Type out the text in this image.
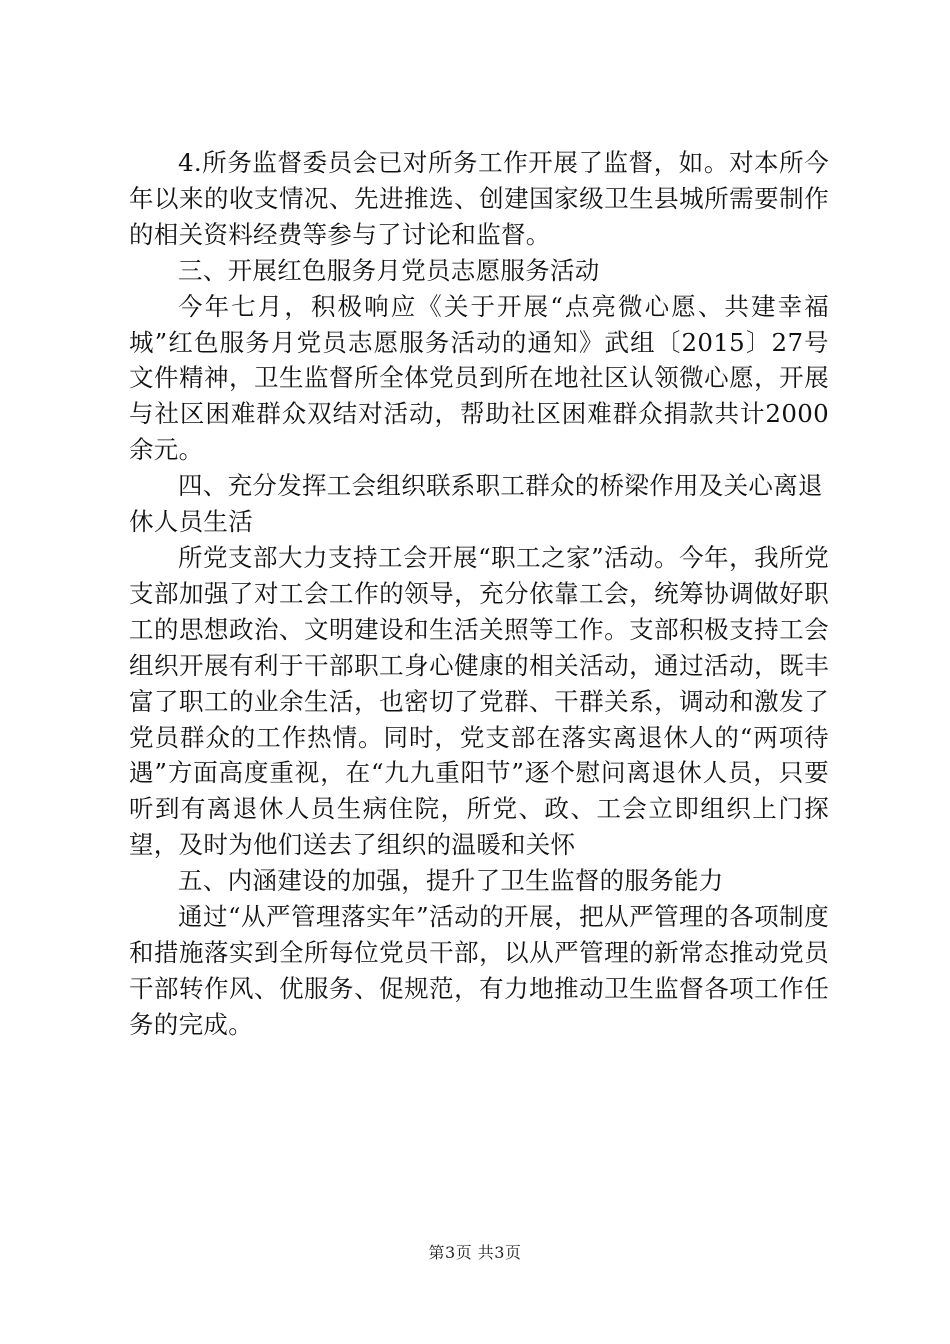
4.所务监督委员会已对所务工作开展了监督，如。对本所今年以来的收支情况、先进推选、创建国家级卫生县城所需要制作的相关资料经费等参与了讨论和监督。

三、开展红色服务月党员志愿服务活动

今年七月，积极响应《关于开展“点亮微心愿、共建幸福城”红色服务月党员志愿服务活动的通知》武组〔2015〕27号文件精神，卫生监督所全体党员到所在地社区认领微心愿，开展与社区困难群众双结对活动，帮助社区困难群众捐款共计2000余元。

四、充分发挥工会组织联系职工群众的桥梁作用及关心离退休人员生活

所党支部大力支持工会开展“职工之家”活动。今年，我所党支部加强了对工会工作的领导，充分依靠工会，统筹协调做好职工的思想政治、文明建设和生活关照等工作。支部积极支持工会组织开展有利于干部职工身心健康的相关活动，通过活动，既丰富了职工的业余生活，也密切了党群、干群关系，调动和激发了党员群众的工作热情。同时，党支部在落实离退休人的“两项待遇”方面高度重视，在“九九重阳节”逐个慰问离退休人员，只要听到有离退休人员生病住院，所党、政、工会立即组织上门探望，及时为他们送去了组织的温暖和关怀

五、内涵建设的加强，提升了卫生监督的服务能力

通过“从严管理落实年”活动的开展，把从严管理的各项制度和措施落实到全所每位党员干部，以从严管理的新常态推动党员干部转作风、优服务、促规范，有力地推动卫生监督各项工作任务的完成。

第3页 共3页
